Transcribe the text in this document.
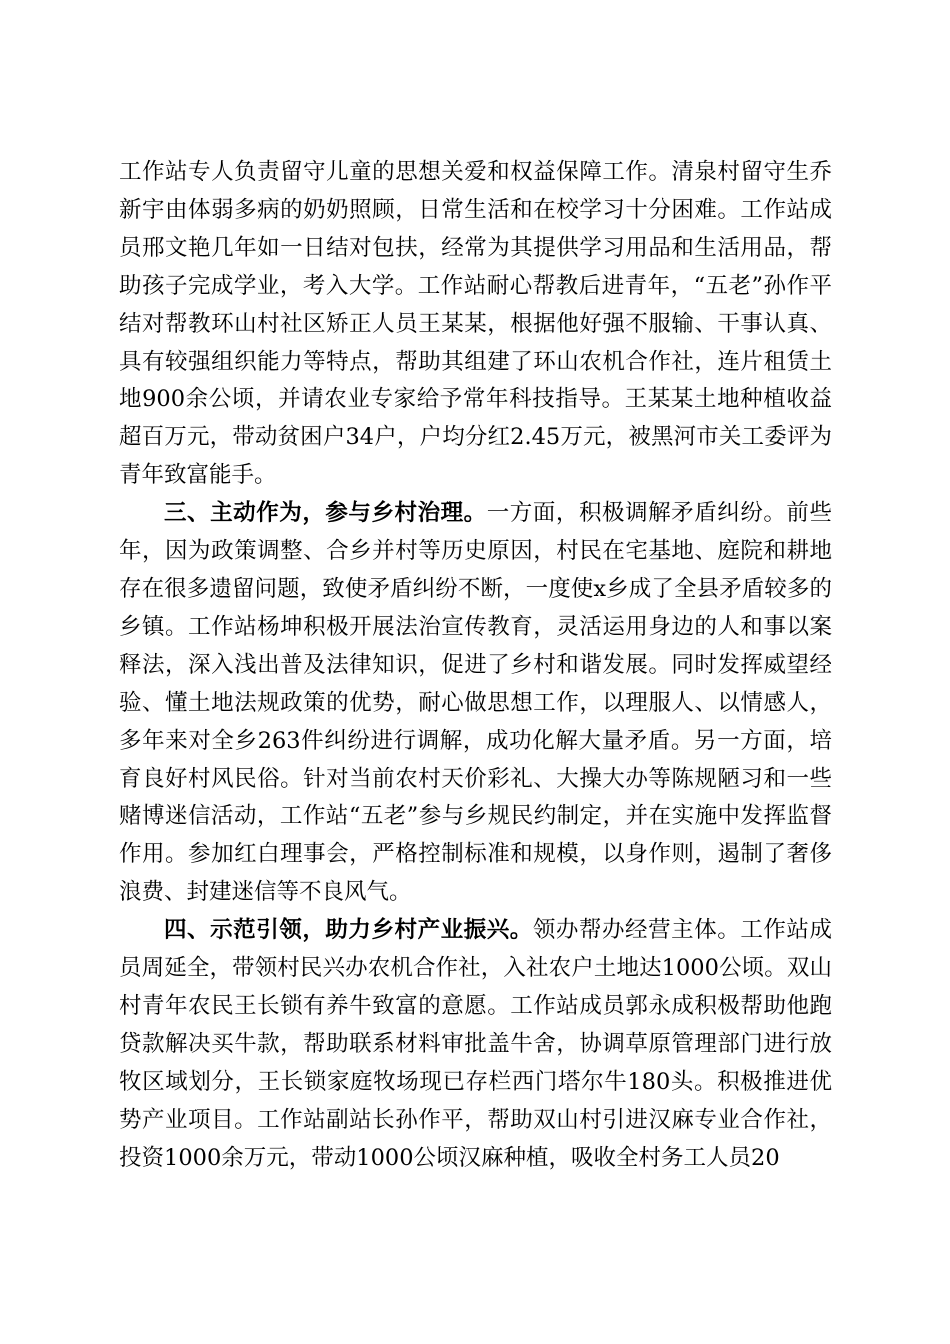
工作站专人负责留守儿童的思想关爱和权益保障工作。清泉村留守生乔新宇由体弱多病的奶奶照顾，日常生活和在校学习十分困难。工作站成员邢文艳几年如一日结对包扶，经常为其提供学习用品和生活用品，帮助孩子完成学业，考入大学。工作站耐心帮教后进青年，“五老”孙作平结对帮教环山村社区矫正人员王某某，根据他好强不服输、干事认真、具有较强组织能力等特点，帮助其组建了环山农机合作社，连片租赁土地900余公顷，并请农业专家给予常年科技指导。王某某土地种植收益超百万元，带动贫困户34户，户均分红2.45万元，被黑河市关工委评为青年致富能手。

三、主动作为，参与乡村治理。一方面，积极调解矛盾纠纷。前些年，因为政策调整、合乡并村等历史原因，村民在宅基地、庭院和耕地存在很多遗留问题，致使矛盾纠纷不断，一度使x乡成了全县矛盾较多的乡镇。工作站杨坤积极开展法治宣传教育，灵活运用身边的人和事以案释法，深入浅出普及法律知识，促进了乡村和谐发展。同时发挥威望经验、懂土地法规政策的优势，耐心做思想工作，以理服人、以情感人，多年来对全乡263件纠纷进行调解，成功化解大量矛盾。另一方面，培育良好村风民俗。针对当前农村天价彩礼、大操大办等陈规陋习和一些赌博迷信活动，工作站“五老”参与乡规民约制定，并在实施中发挥监督作用。参加红白理事会，严格控制标准和规模，以身作则，遏制了奢侈浪费、封建迷信等不良风气。

四、示范引领，助力乡村产业振兴。领办帮办经营主体。工作站成员周延全，带领村民兴办农机合作社，入社农户土地达1000公顷。双山村青年农民王长锁有养牛致富的意愿。工作站成员郭永成积极帮助他跑贷款解决买牛款，帮助联系材料审批盖牛舍，协调草原管理部门进行放牧区域划分，王长锁家庭牧场现已存栏西门塔尔牛180头。积极推进优势产业项目。工作站副站长孙作平，帮助双山村引进汉麻专业合作社，投资1000余万元，带动1000公顷汉麻种植，吸收全村务工人员20
